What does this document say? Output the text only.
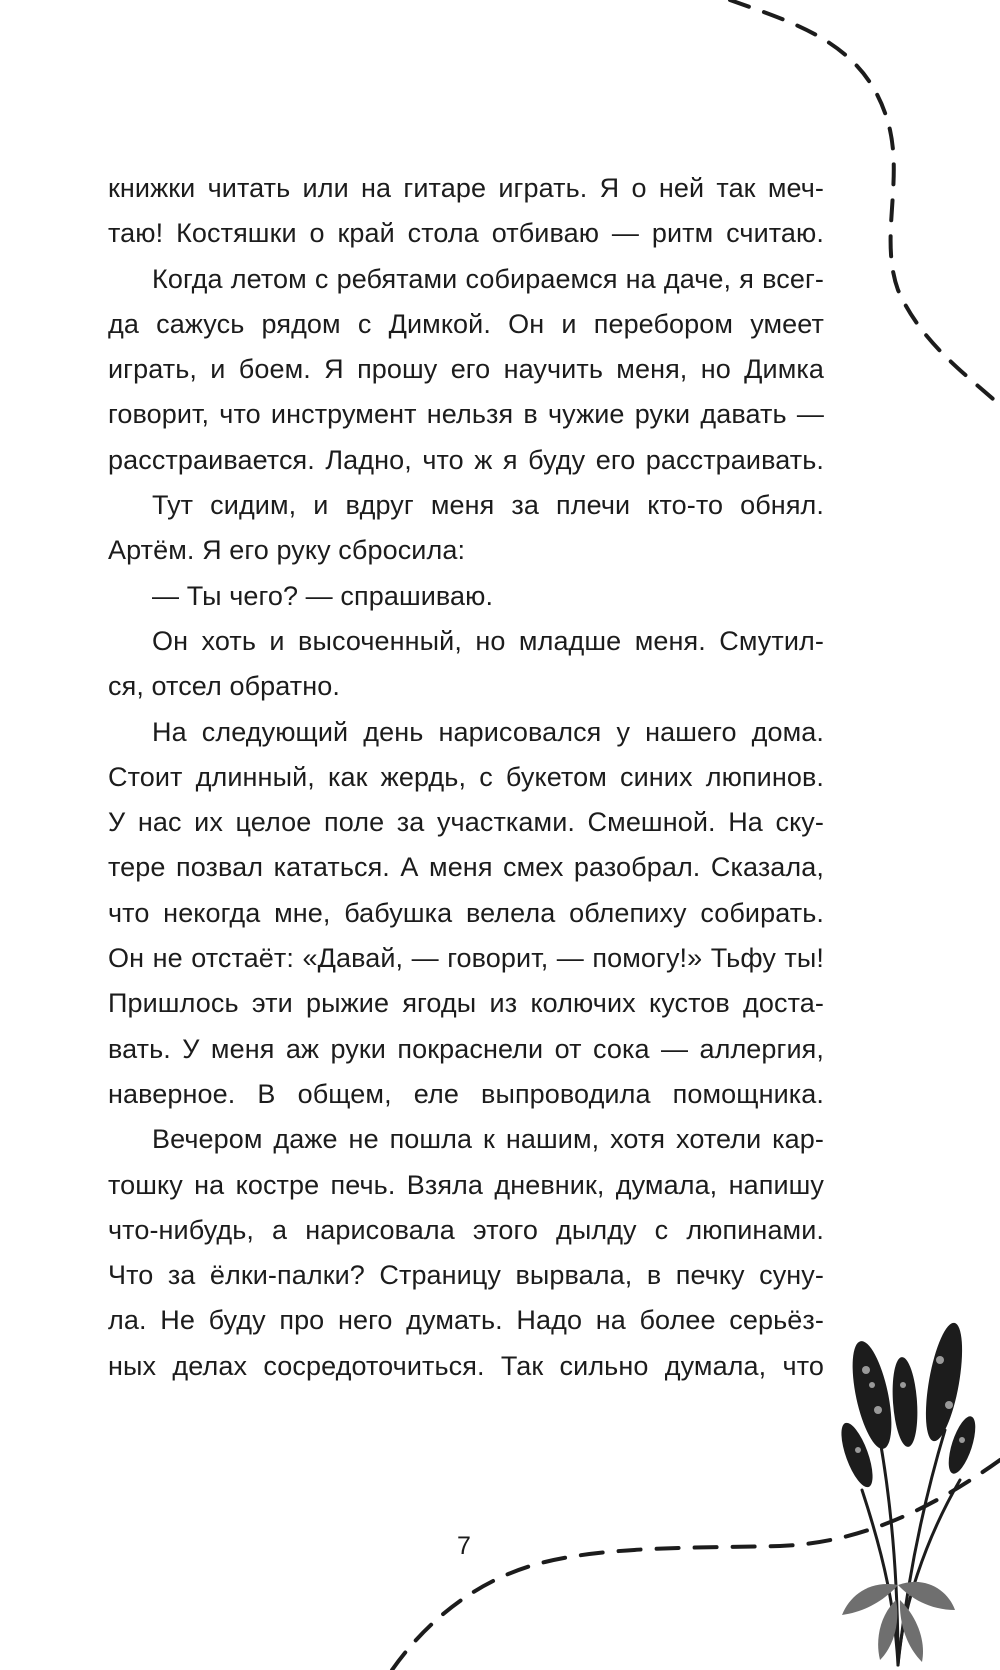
книжки читать или на гитаре играть. Я о ней так меч-
таю! Костяшки о край стола отбиваю — ритм считаю.
Когда летом с ребятами собираемся на даче, я всег-
да сажусь рядом с Димкой. Он и перебором умеет
играть, и боем. Я прошу его научить меня, но Димка
говорит, что инструмент нельзя в чужие руки давать —
расстраивается. Ладно, что ж я буду его расстраивать.
Тут сидим, и вдруг меня за плечи кто-то обнял.
Артём. Я его руку сбросила:
— Ты чего? — спрашиваю.
Он хоть и высоченный, но младше меня. Смутил-
ся, отсел обратно.
На следующий день нарисовался у нашего дома.
Стоит длинный, как жердь, с букетом синих люпинов.
У нас их целое поле за участками. Смешной. На ску-
тере позвал кататься. А меня смех разобрал. Сказала,
что некогда мне, бабушка велела облепиху собирать.
Он не отстаёт: «Давай, — говорит, — помогу!» Тьфу ты!
Пришлось эти рыжие ягоды из колючих кустов доста-
вать. У меня аж руки покраснели от сока — аллергия,
наверное. В общем, еле выпроводила помощника.
Вечером даже не пошла к нашим, хотя хотели кар-
тошку на костре печь. Взяла дневник, думала, напишу
что-нибудь, а нарисовала этого дылду с люпинами.
Что за ёлки-палки? Страницу вырвала, в печку суну-
ла. Не буду про него думать. Надо на более серьёз-
ных делах сосредоточиться. Так сильно думала, что
7
